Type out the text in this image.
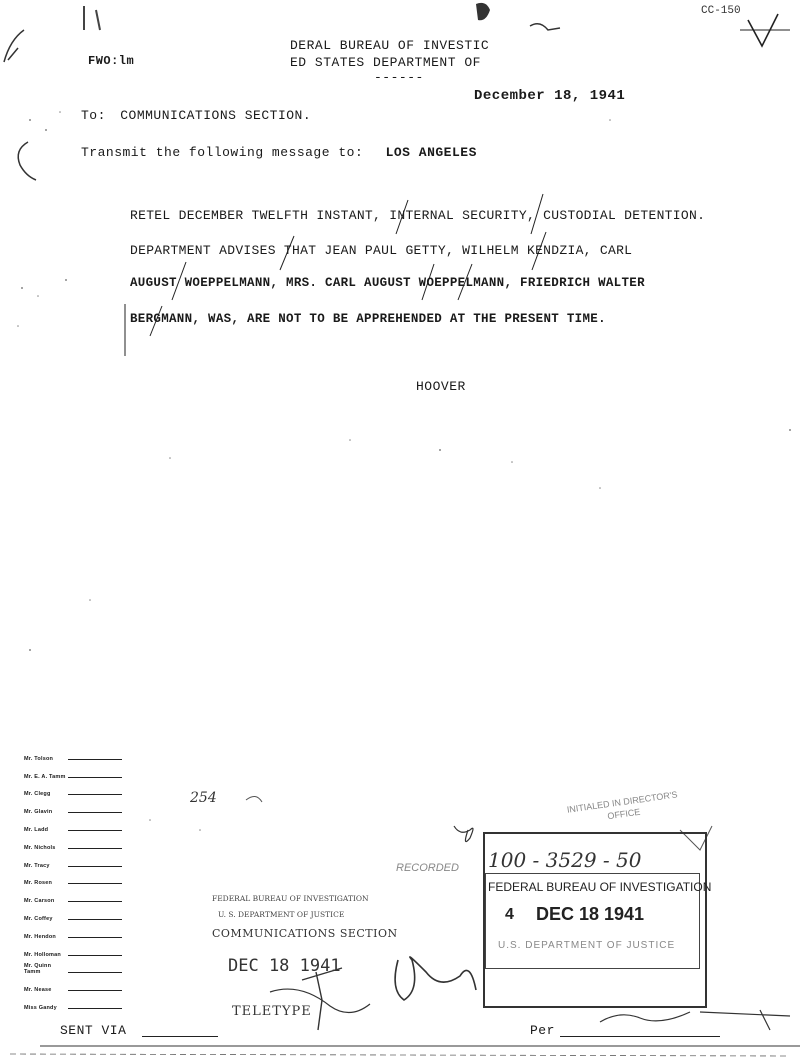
CC-150
FWO:lm
DERAL BUREAU OF INVESTIC
ED STATES DEPARTMENT OF
------
December 18, 1941
To: COMMUNICATIONS SECTION.
Transmit the following message to: LOS ANGELES
RETEL DECEMBER TWELFTH INSTANT, INTERNAL SECURITY, CUSTODIAL DETENTION.
DEPARTMENT ADVISES THAT JEAN PAUL GETTY, WILHELM KENDZIA, CARL
AUGUST WOEPPELMANN, MRS. CARL AUGUST WOEPPELMANN, FRIEDRICH WALTER
BERGMANN, WAS, ARE NOT TO BE APPREHENDED AT THE PRESENT TIME.
HOOVER
Mr. Tolson
Mr. E. A. Tamm
Mr. Clegg
Mr. Glavin
Mr. Ladd
Mr. Nichols
Mr. Tracy
Mr. Rosen
Mr. Carson
Mr. Coffey
Mr. Hendon
Mr. Holloman
Mr. Quinn Tamm
Mr. Nease
Miss Gandy
254
RECORDED 100 - 3529 - 50
INITIALED IN DIRECTOR'S OFFICE
FEDERAL BUREAU OF INVESTIGATION
U. S. DEPARTMENT OF JUSTICE
COMMUNICATIONS SECTION
DEC 18 1941
TELETYPE
FEDERAL BUREAU OF INVESTIGATION
4 DEC 18 1941
U.S. DEPARTMENT OF JUSTICE
SENT VIA	Per
